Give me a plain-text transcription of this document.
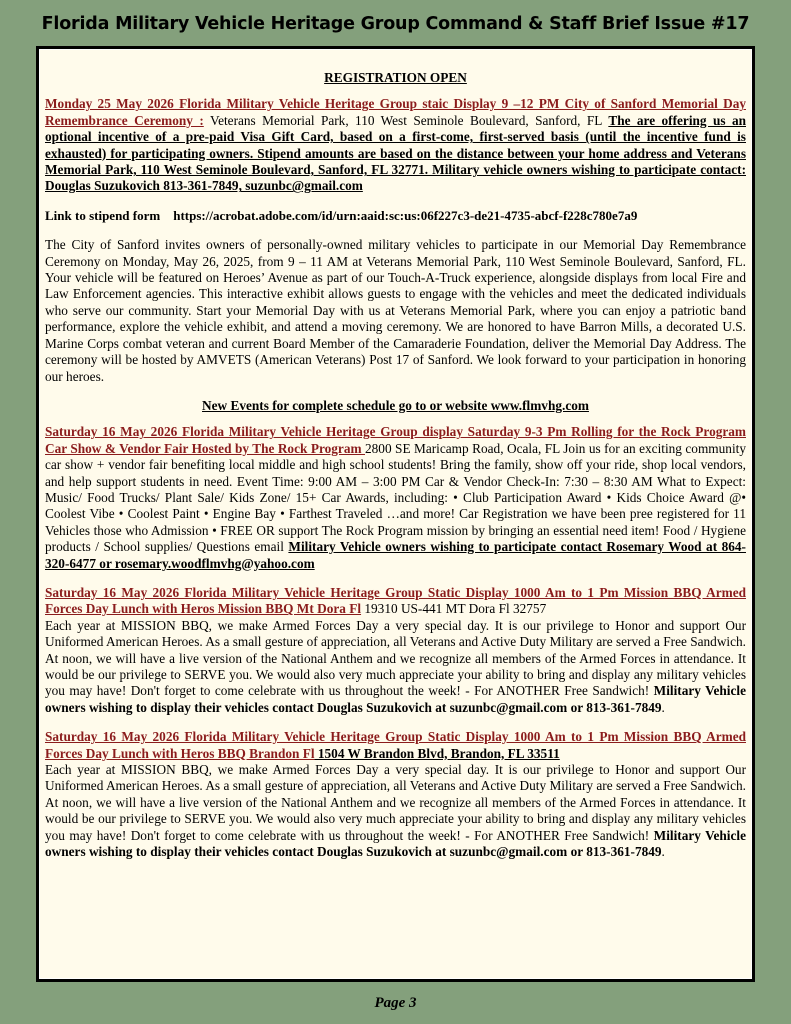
Florida Military Vehicle Heritage Group Command & Staff Brief Issue #17
REGISTRATION OPEN

Monday 25 May 2026 Florida Military Vehicle Heritage Group staic Display 9 –12 PM City of Sanford Memorial Day Remembrance Ceremony : Veterans Memorial Park, 110 West Seminole Boulevard, Sanford, FL The are offering us an optional incentive of a pre-paid Visa Gift Card, based on a first-come, first-served basis (until the incentive fund is exhausted) for participating owners. Stipend amounts are based on the distance between your home address and Veterans Memorial Park, 110 West Seminole Boulevard, Sanford, FL 32771. Military vehicle owners wishing to participate contact: Douglas Suzukovich 813-361-7849, suzunbc@gmail.com

Link to stipend form https://acrobat.adobe.com/id/urn:aaid:sc:us:06f227c3-de21-4735-abcf-f228c780e7a9

The City of Sanford invites owners of personally-owned military vehicles to participate in our Memorial Day Remembrance Ceremony on Monday, May 26, 2025, from 9 – 11 AM at Veterans Memorial Park, 110 West Seminole Boulevard, Sanford, FL. Your vehicle will be featured on Heroes’ Avenue as part of our Touch-A-Truck experience, alongside displays from local Fire and Law Enforcement agencies. This interactive exhibit allows guests to engage with the vehicles and meet the dedicated individuals who serve our community. Start your Memorial Day with us at Veterans Memorial Park, where you can enjoy a patriotic band performance, explore the vehicle exhibit, and attend a moving ceremony. We are honored to have Barron Mills, a decorated U.S. Marine Corps combat veteran and current Board Member of the Camaraderie Foundation, deliver the Memorial Day Address. The ceremony will be hosted by AMVETS (American Veterans) Post 17 of Sanford. We look forward to your participation in honoring our heroes.

New Events for complete schedule go to or website www.flmvhg.com

Saturday 16 May 2026 Florida Military Vehicle Heritage Group display Saturday 9-3 Pm Rolling for the Rock Program Car Show & Vendor Fair Hosted by The Rock Program 2800 SE Maricamp Road, Ocala, FL Join us for an exciting community car show + vendor fair benefiting local middle and high school students! Bring the family, show off your ride, shop local vendors, and help support students in need. Event Time: 9:00 AM – 3:00 PM Car & Vendor Check-In: 7:30 – 8:30 AM What to Expect: Music/ Food Trucks/ Plant Sale/ Kids Zone/ 15+ Car Awards, including: • Club Participation Award • Kids Choice Award @• Coolest Vibe • Coolest Paint • Engine Bay • Farthest Traveled …and more! Car Registration we have been pree registered for 11 Vehicles those who Admission • FREE OR support The Rock Program mission by bringing an essential need item! Food / Hygiene products / School supplies/ Questions email Military Vehicle owners wishing to participate contact Rosemary Wood at 864-320-6477 or rosemary.woodflmvhg@yahoo.com

Saturday 16 May 2026 Florida Military Vehicle Heritage Group Static Display 1000 Am to 1 Pm Mission BBQ Armed Forces Day Lunch with Heros Mission BBQ Mt Dora Fl 19310 US-441 MT Dora Fl 32757
Each year at MISSION BBQ, we make Armed Forces Day a very special day. It is our privilege to Honor and support Our Uniformed American Heroes. As a small gesture of appreciation, all Veterans and Active Duty Military are served a Free Sandwich. At noon, we will have a live version of the National Anthem and we recognize all members of the Armed Forces in attendance. It would be our privilege to SERVE you. We would also very much appreciate your ability to bring and display any military vehicles you may have! Don't forget to come celebrate with us throughout the week! - For ANOTHER Free Sandwich! Military Vehicle owners wishing to display their vehicles contact Douglas Suzukovich at suzunbc@gmail.com or 813-361-7849.

Saturday 16 May 2026 Florida Military Vehicle Heritage Group Static Display 1000 Am to 1 Pm Mission BBQ Armed Forces Day Lunch with Heros BBQ Brandon Fl 1504 W Brandon Blvd, Brandon, FL 33511
Each year at MISSION BBQ, we make Armed Forces Day a very special day. It is our privilege to Honor and support Our Uniformed American Heroes. As a small gesture of appreciation, all Veterans and Active Duty Military are served a Free Sandwich. At noon, we will have a live version of the National Anthem and we recognize all members of the Armed Forces in attendance. It would be our privilege to SERVE you. We would also very much appreciate your ability to bring and display any military vehicles you may have! Don't forget to come celebrate with us throughout the week! - For ANOTHER Free Sandwich! Military Vehicle owners wishing to display their vehicles contact Douglas Suzukovich at suzunbc@gmail.com or 813-361-7849.

Page 3
